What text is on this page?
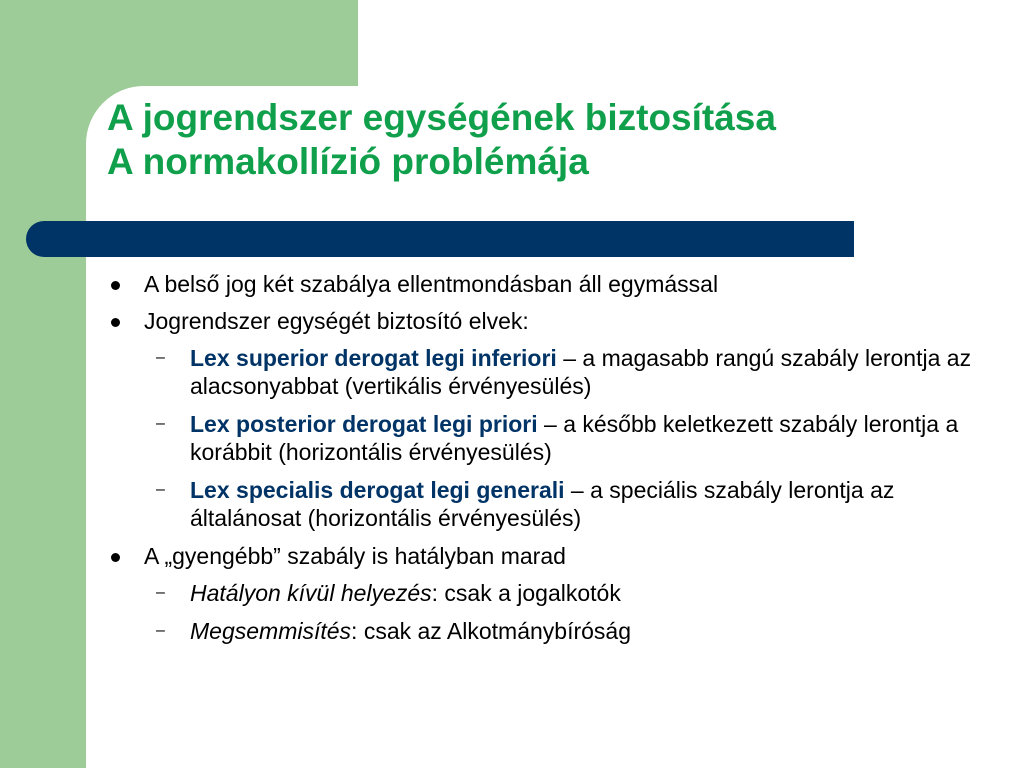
A jogrendszer egységének biztosítása
A normakollízió problémája
A belső jog két szabálya ellentmondásban áll egymással
Jogrendszer egységét biztosító elvek:
– Lex superior derogat legi inferiori – a magasabb rangú szabály lerontja az alacsonyabbat (vertikális érvényesülés)
– Lex posterior derogat legi priori – a később keletkezett szabály lerontja a korábbit (horizontális érvényesülés)
– Lex specialis derogat legi generali – a speciális szabály lerontja az általánosat (horizontális érvényesülés)
A „gyengébb” szabály is hatályban marad
– Hatályon kívül helyezés: csak a jogalkotók
– Megsemmisítés: csak az Alkotmánybíróság
